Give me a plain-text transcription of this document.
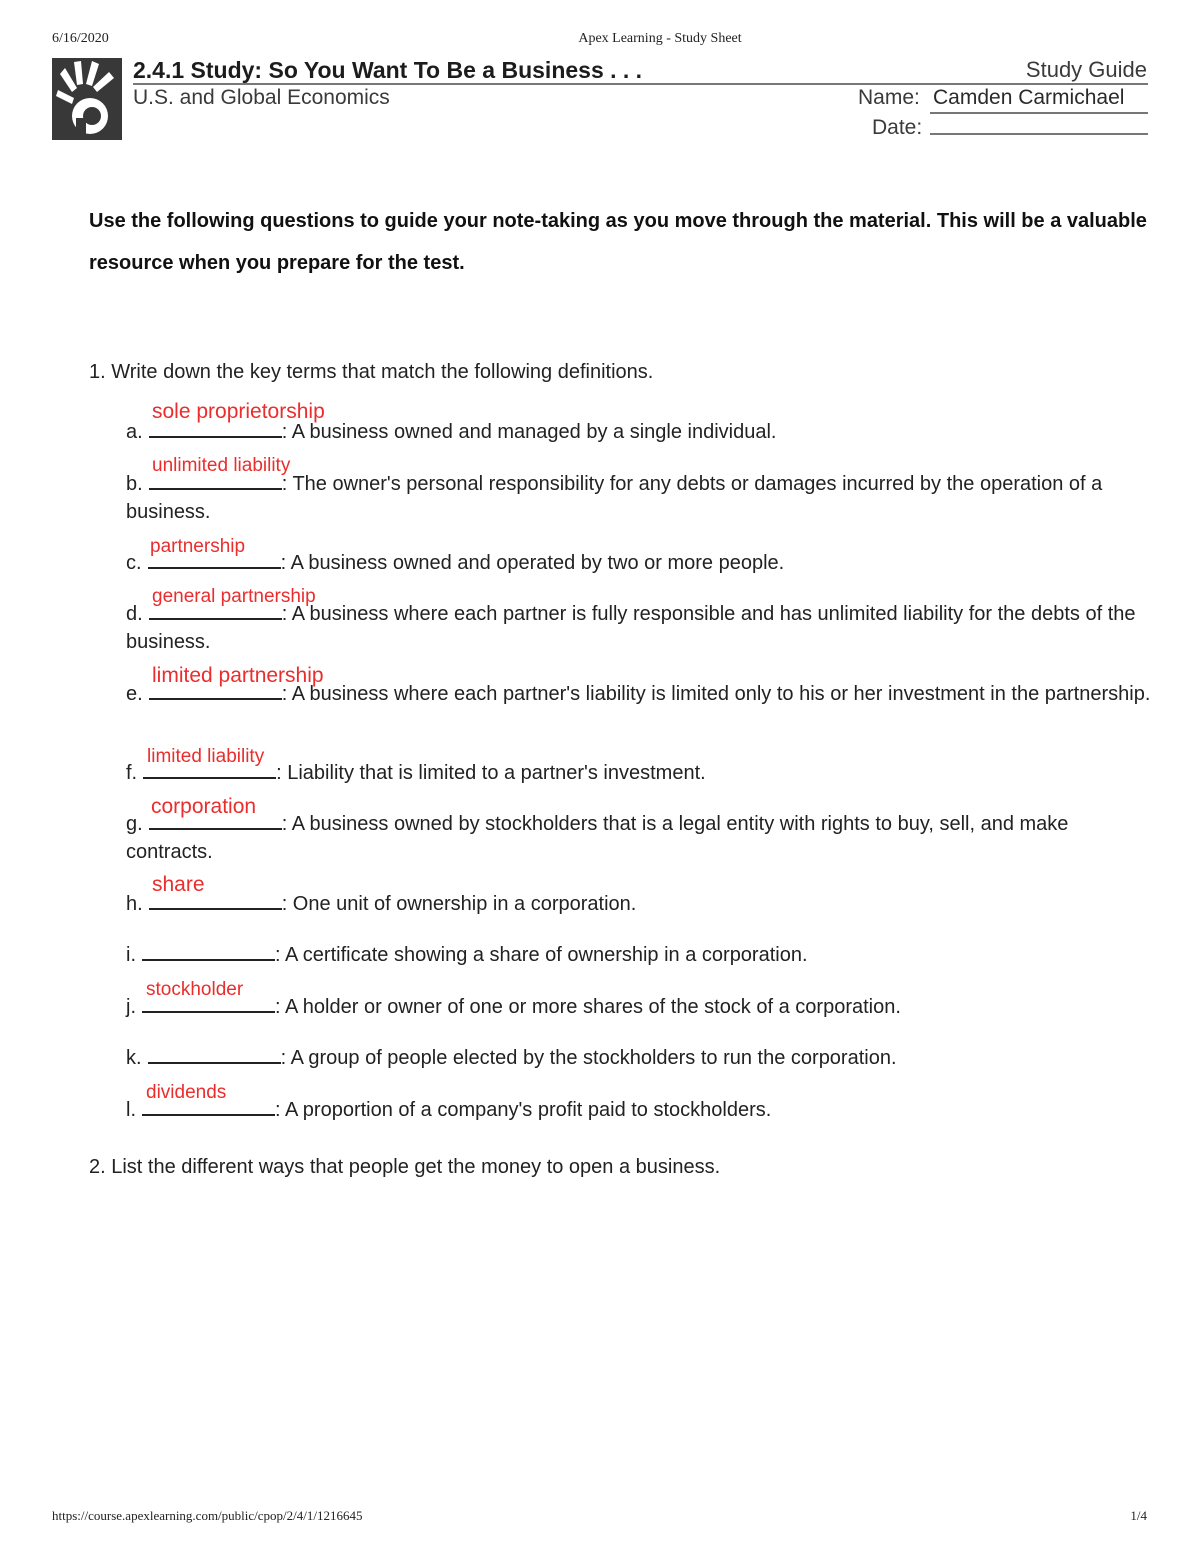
6/16/2020	Apex Learning - Study Sheet
2.4.1 Study: So You Want To Be a Business . . .
U.S. and Global Economics
Study Guide
Name: Camden Carmichael
Date:
Use the following questions to guide your note-taking as you move through the material. This will be a valuable resource when you prepare for the test.
1. Write down the key terms that match the following definitions.
sole proprietorship
a.	: A business owned and managed by a single individual.
unlimited liability
b.	: The owner's personal responsibility for any debts or damages incurred by the operation of a business.
partnership
c.	: A business owned and operated by two or more people.
general partnership
d.	: A business where each partner is fully responsible and has unlimited liability for the debts of the business.
limited partnership
e.	: A business where each partner's liability is limited only to his or her investment in the partnership.
limited liability
f.	: Liability that is limited to a partner's investment.
corporation
g.	: A business owned by stockholders that is a legal entity with rights to buy, sell, and make contracts.
share
h.	: One unit of ownership in a corporation.
i.	: A certificate showing a share of ownership in a corporation.
stockholder
j.	: A holder or owner of one or more shares of the stock of a corporation.
k.	: A group of people elected by the stockholders to run the corporation.
dividends
l.	: A proportion of a company's profit paid to stockholders.
2. List the different ways that people get the money to open a business.
https://course.apexlearning.com/public/cpop/2/4/1/1216645	1/4
